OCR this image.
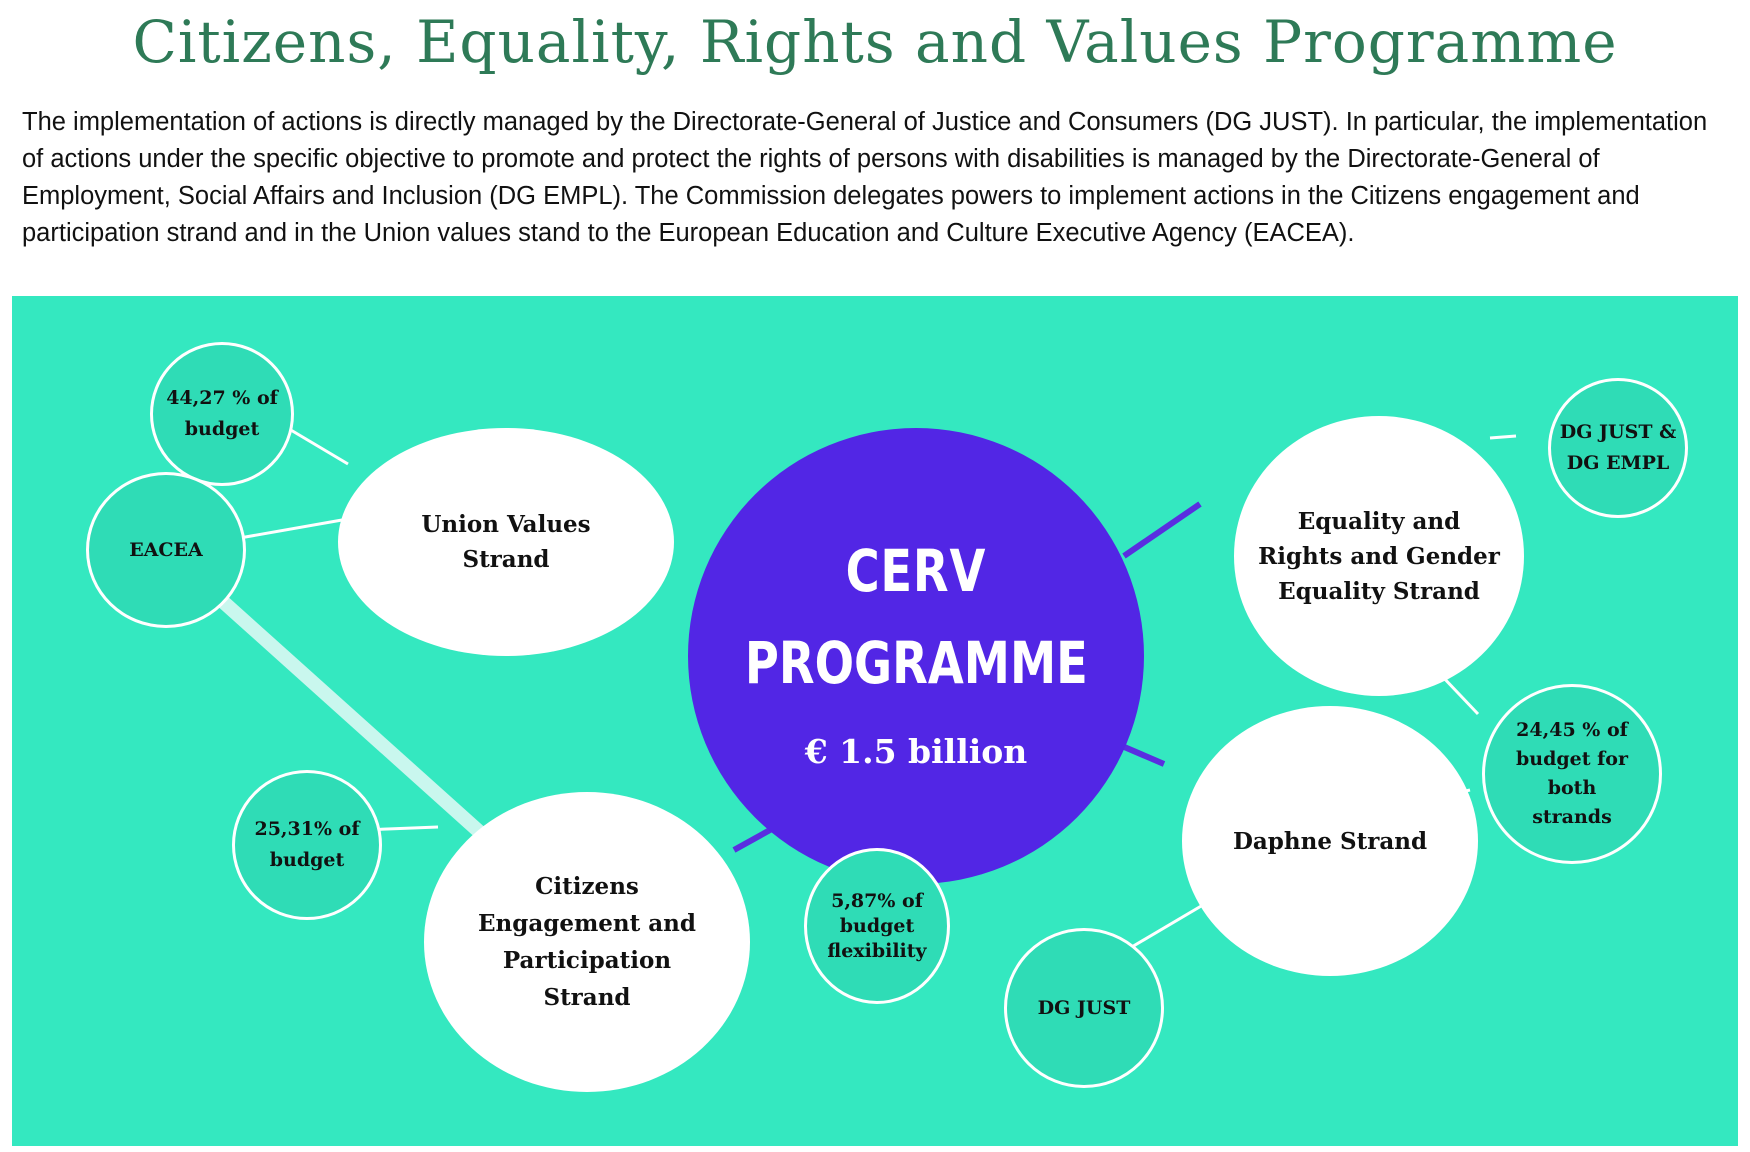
Citizens, Equality, Rights and Values Programme

The implementation of actions is directly managed by the Directorate-General of Justice and Consumers (DG JUST). In particular, the implementation of actions under the specific objective to promote and protect the rights of persons with disabilities is managed by the Directorate-General of Employment, Social Affairs and Inclusion (DG EMPL). The Commission delegates powers to implement actions in the Citizens engagement and participation strand and in the Union values stand to the European Education and Culture Executive Agency (EACEA).

Union Values
Strand
Equality and
Rights and Gender
Equality Strand
Daphne Strand
Citizens
Engagement and
Participation
Strand
CERV
PROGRAMME
€ 1.5 billion
44,27 % of
budget
EACEA
DG JUST &
DG EMPL
24,45 % of
budget for
both
strands
DG JUST
5,87% of
budget
flexibility
25,31% of
budget
